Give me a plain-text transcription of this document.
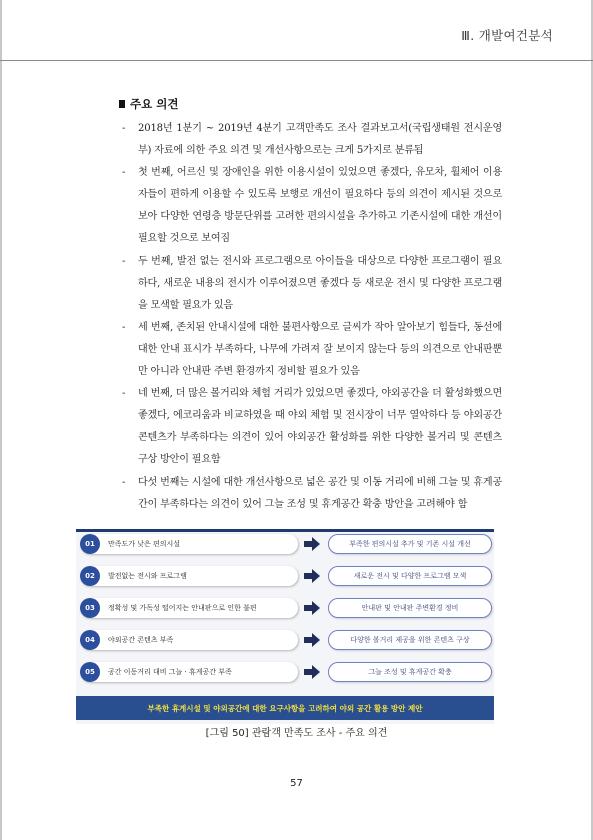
Ⅲ. 개발여건분석
주요 의견
- 2018년 1분기 ~ 2019년 4분기 고객만족도 조사 결과보고서(국립생태원 전시운영부) 자료에 의한 주요 의견 및 개선사항으로는 크게 5가지로 분류됨
- 첫 번째, 어르신 및 장애인을 위한 이용시설이 있었으면 좋겠다, 유모차, 휠체어 이용자들이 편하게 이용할 수 있도록 보행로 개선이 필요하다 등의 의견이 제시된 것으로 보아 다양한 연령층 방문단위를 고려한 편의시설을 추가하고 기존시설에 대한 개선이 필요할 것으로 보여짐
- 두 번째, 발전 없는 전시와 프로그램으로 아이들을 대상으로 다양한 프로그램이 필요하다, 새로운 내용의 전시가 이루어졌으면 좋겠다 등 새로운 전시 및 다양한 프로그램을 모색할 필요가 있음
- 세 번째, 존치된 안내시설에 대한 불편사항으로 글씨가 작아 알아보기 힘들다, 동선에 대한 안내 표시가 부족하다, 나무에 가려져 잘 보이지 않는다 등의 의견으로 안내판뿐만 아니라 안내판 주변 환경까지 정비할 필요가 있음
- 네 번째, 더 많은 볼거리와 체험 거리가 있었으면 좋겠다, 야외공간을 더 활성화했으면 좋겠다, 에코리움과 비교하였을 때 야외 체험 및 전시장이 너무 열악하다 등 야외공간 콘텐츠가 부족하다는 의견이 있어 야외공간 활성화를 위한 다양한 볼거리 및 콘텐츠 구상 방안이 필요함
- 다섯 번째는 시설에 대한 개선사항으로 넓은 공간 및 이동 거리에 비해 그늘 및 휴게공간이 부족하다는 의견이 있어 그늘 조성 및 휴게공간 확충 방안을 고려해야 함
01	만족도가 낮은 편의시설	부족한 편의시설 추가 및 기존 시설 개선
02	발전없는 전시와 프로그램	새로운 전시 및 다양한 프로그램 모색
03	정확성 및 가독성 떨어지는 안내판으로 인한 불편	안내판 및 안내판 주변환경 정비
04	야외공간 콘텐츠 부족	다양한 볼거리 제공을 위한 콘텐츠 구상
05	공간 이동거리 대비 그늘 · 휴게공간 부족	그늘 조성 및 휴게공간 확충
부족한 휴게시설 및 야외공간에 대한 요구사항을 고려하여 야외 공간 활용 방안 제안
[그림 50] 관람객 만족도 조사 - 주요 의견
57
